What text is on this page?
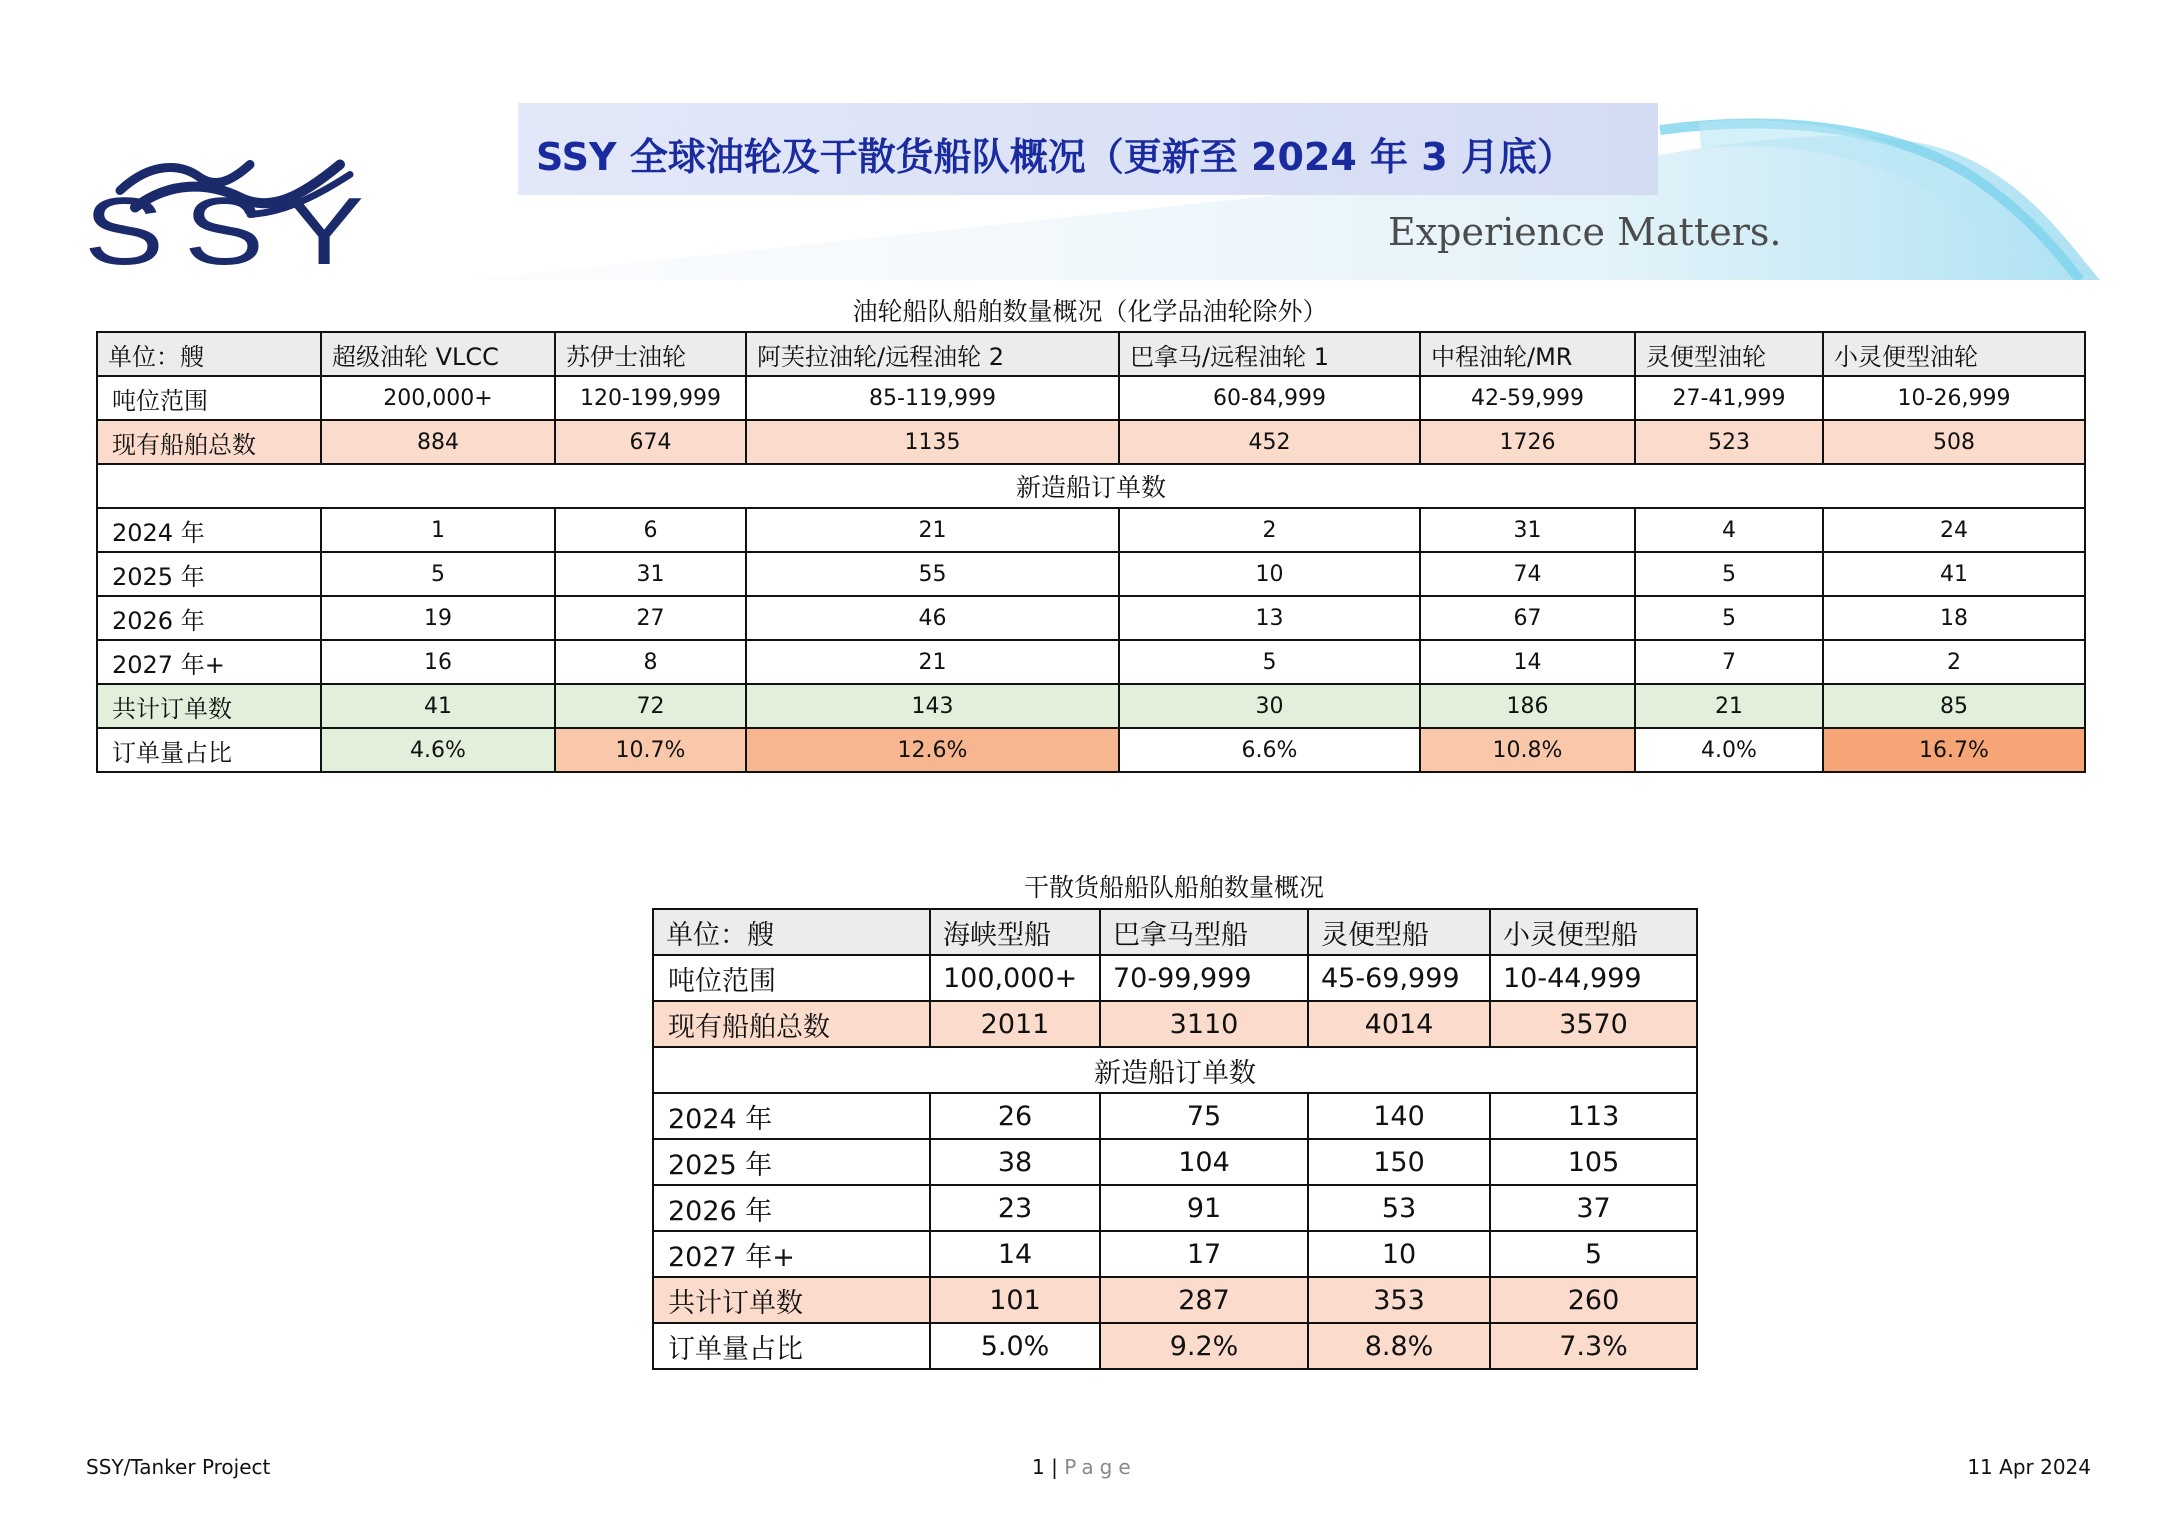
SSY
SSY 全球油轮及干散货船队概况（更新至 2024 年 3 月底）
Experience Matters.
油轮船队船舶数量概况（化学品油轮除外）
单位：艘	超级油轮 VLCC	苏伊士油轮	阿芙拉油轮/远程油轮 2	巴拿马/远程油轮 1	中程油轮/MR	灵便型油轮	小灵便型油轮
吨位范围	200,000+	120-199,999	85-119,999	60-84,999	42-59,999	27-41,999	10-26,999
现有船舶总数	884	674	1135	452	1726	523	508
新造船订单数							
2024 年	1	6	21	2	31	4	24
2025 年	5	31	55	10	74	5	41
2026 年	19	27	46	13	67	5	18
2027 年+	16	8	21	5	14	7	2
共计订单数	41	72	143	30	186	21	85
订单量占比	4.6%	10.7%	12.6%	6.6%	10.8%	4.0%	16.7%
干散货船船队船舶数量概况
单位：艘	海峡型船	巴拿马型船	灵便型船	小灵便型船
吨位范围	100,000+	70-99,999	45-69,999	10-44,999
现有船舶总数	2011	3110	4014	3570
新造船订单数				
2024 年	26	75	140	113
2025 年	38	104	150	105
2026 年	23	91	53	37
2027 年+	14	17	10	5
共计订单数	101	287	353	260
订单量占比	5.0%	9.2%	8.8%	7.3%
SSY/Tanker Project	1 | Page	11 Apr 2024
